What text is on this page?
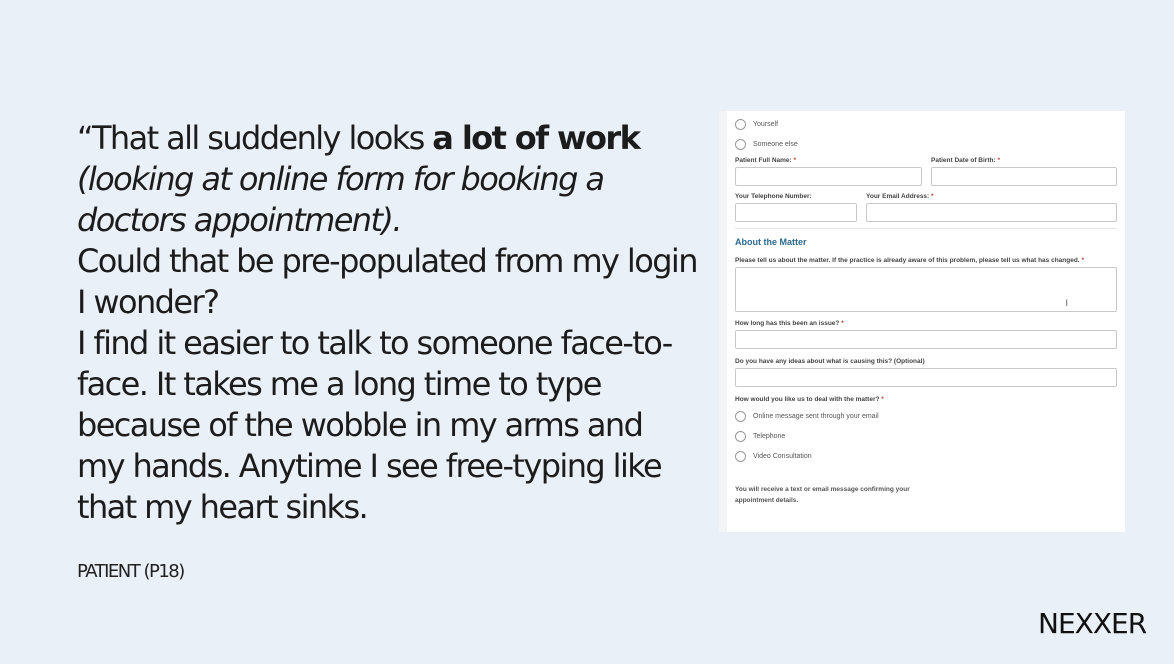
“That all suddenly looks a lot of work
(looking at online form for booking a doctors appointment).
Could that be pre-populated from my login I wonder?
I find it easier to talk to someone face-to-face. It takes me a long time to type because of the wobble in my arms and my hands. Anytime I see free-typing like that my heart sinks.
PATIENT (P18)
NEXXER
Yourself
Someone else
Patient Full Name: *	Patient Date of Birth: *
Your Telephone Number:	Your Email Address: *
About the Matter
Please tell us about the matter. If the practice is already aware of this problem, please tell us what has changed. *
I
How long has this been an issue? *
Do you have any ideas about what is causing this? (Optional)
How would you like us to deal with the matter? *
Online message sent through your email
Telephone
Video Consultation
You will receive a text or email message confirming your appointment details.
